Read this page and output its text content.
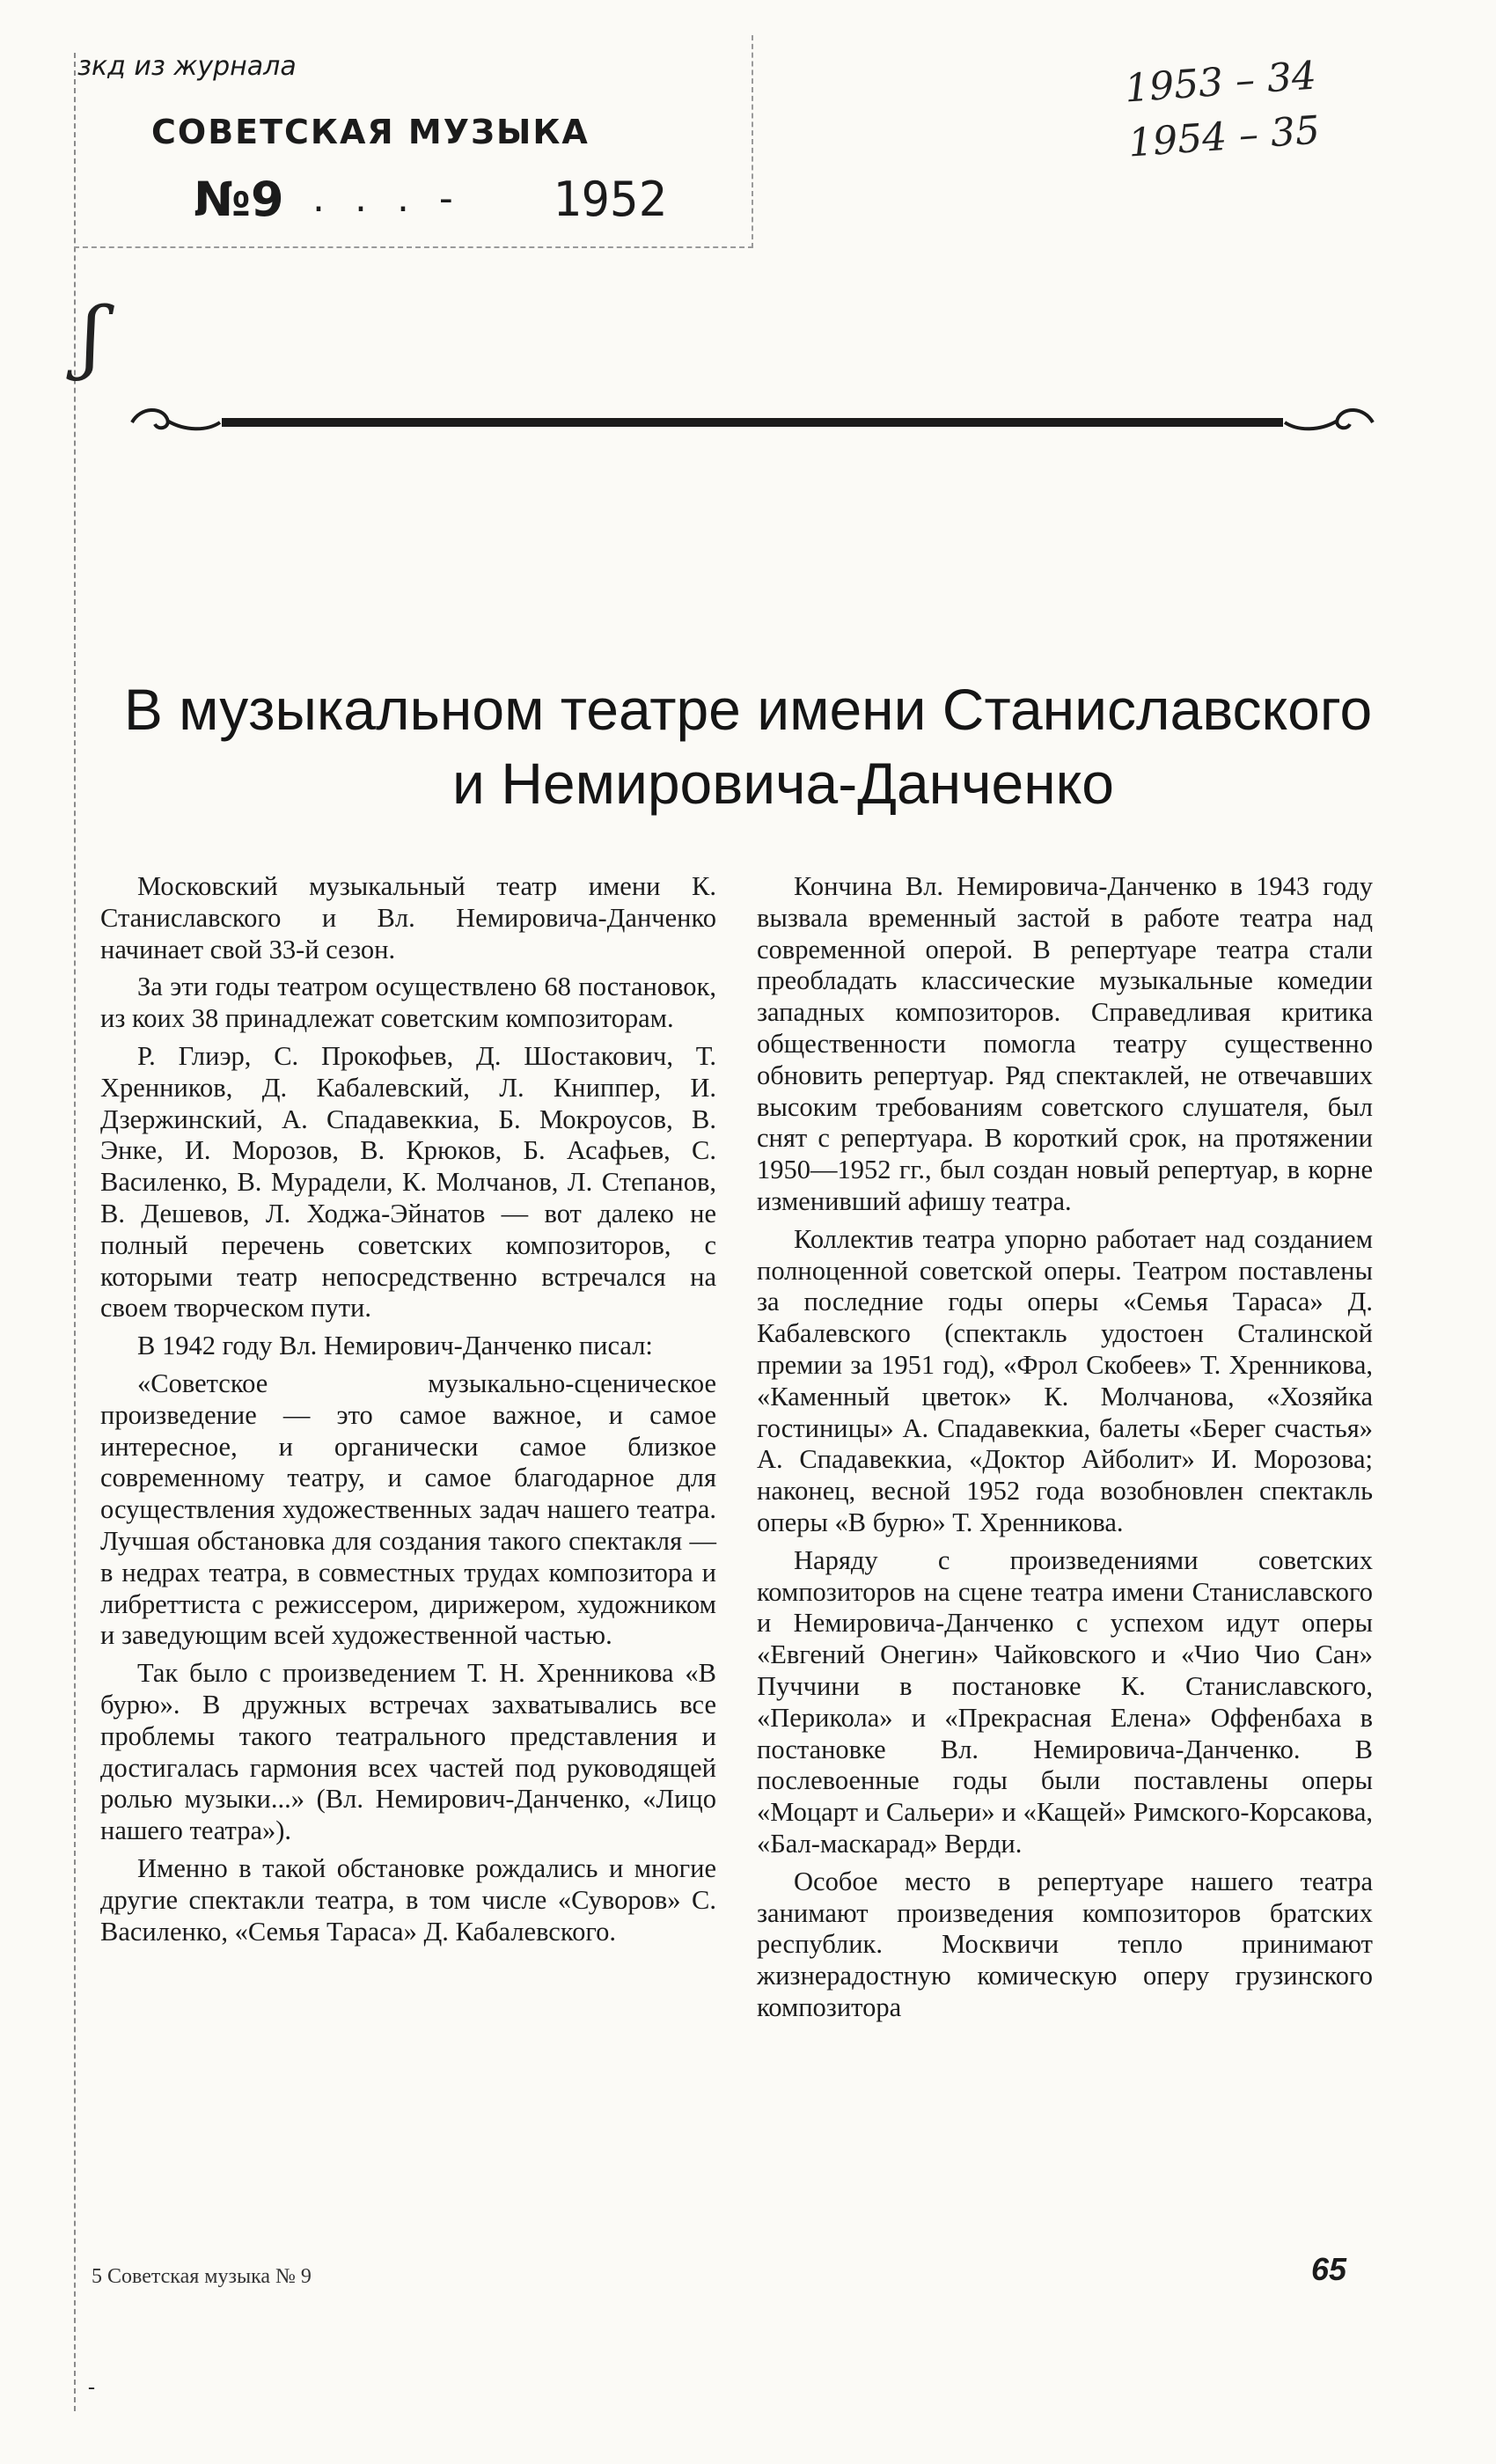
зкд из журнала
СОВЕТСКАЯ МУЗЫКА
№9 . . . - 1952
1953 – 34
1954 – 35
ʃ
В музыкальном театре имени Станиславского
и Немировича-Данченко

Московский музыкальный театр имени К. Станиславского и Вл. Немировича-Данченко начинает свой 33-й сезон.

За эти годы театром осуществлено 68 постановок, из коих 38 принадлежат советским композиторам.

Р. Глиэр, С. Прокофьев, Д. Шостакович, Т. Хренников, Д. Кабалевский, Л. Книппер, И. Дзержинский, А. Спадавеккиа, Б. Мокроусов, В. Энке, И. Морозов, В. Крюков, Б. Асафьев, С. Василенко, В. Мурадели, К. Молчанов, Л. Степанов, В. Дешевов, Л. Ходжа-Эйнатов — вот далеко не полный перечень советских композиторов, с которыми театр непосредственно встречался на своем творческом пути.

В 1942 году Вл. Немирович-Данченко писал:

«Советское музыкально-сценическое произведение — это самое важное, и самое интересное, и органически самое близкое современному театру, и самое благодарное для осуществления художественных задач нашего театра. Лучшая обстановка для создания такого спектакля — в недрах театра, в совместных трудах композитора и либреттиста с режиссером, дирижером, художником и заведующим всей художественной частью.

Так было с произведением Т. Н. Хренникова «В бурю». В дружных встречах захватывались все проблемы такого театрального представления и достигалась гармония всех частей под руководящей ролью музыки...» (Вл. Немирович-Данченко, «Лицо нашего театра»).

Именно в такой обстановке рождались и многие другие спектакли театра, в том числе «Суворов» С. Василенко, «Семья Тараса» Д. Кабалевского.

Кончина Вл. Немировича-Данченко в 1943 году вызвала временный застой в работе театра над современной оперой. В репертуаре театра стали преобладать классические музыкальные комедии западных композиторов. Справедливая критика общественности помогла театру существенно обновить репертуар. Ряд спектаклей, не отвечавших высоким требованиям советского слушателя, был снят с репертуара. В короткий срок, на протяжении 1950—1952 гг., был создан новый репертуар, в корне изменивший афишу театра.

Коллектив театра упорно работает над созданием полноценной советской оперы. Театром поставлены за последние годы оперы «Семья Тараса» Д. Кабалевского (спектакль удостоен Сталинской премии за 1951 год), «Фрол Скобеев» Т. Хренникова, «Каменный цветок» К. Молчанова, «Хозяйка гостиницы» А. Спадавеккиа, балеты «Берег счастья» А. Спадавеккиа, «Доктор Айболит» И. Морозова; наконец, весной 1952 года возобновлен спектакль оперы «В бурю» Т. Хренникова.

Наряду с произведениями советских композиторов на сцене театра имени Станиславского и Немировича-Данченко с успехом идут оперы «Евгений Онегин» Чайковского и «Чио Чио Сан» Пуччини в постановке К. Станиславского, «Перикола» и «Прекрасная Елена» Оффенбаха в постановке Вл. Немировича-Данченко. В послевоенные годы были поставлены оперы «Моцарт и Сальери» и «Кащей» Римского-Корсакова, «Бал-маскарад» Верди.

Особое место в репертуаре нашего театра занимают произведения композиторов братских республик. Москвичи тепло принимают жизнерадостную комическую оперу грузинского композитора

5 Советская музыка № 9	65
-
